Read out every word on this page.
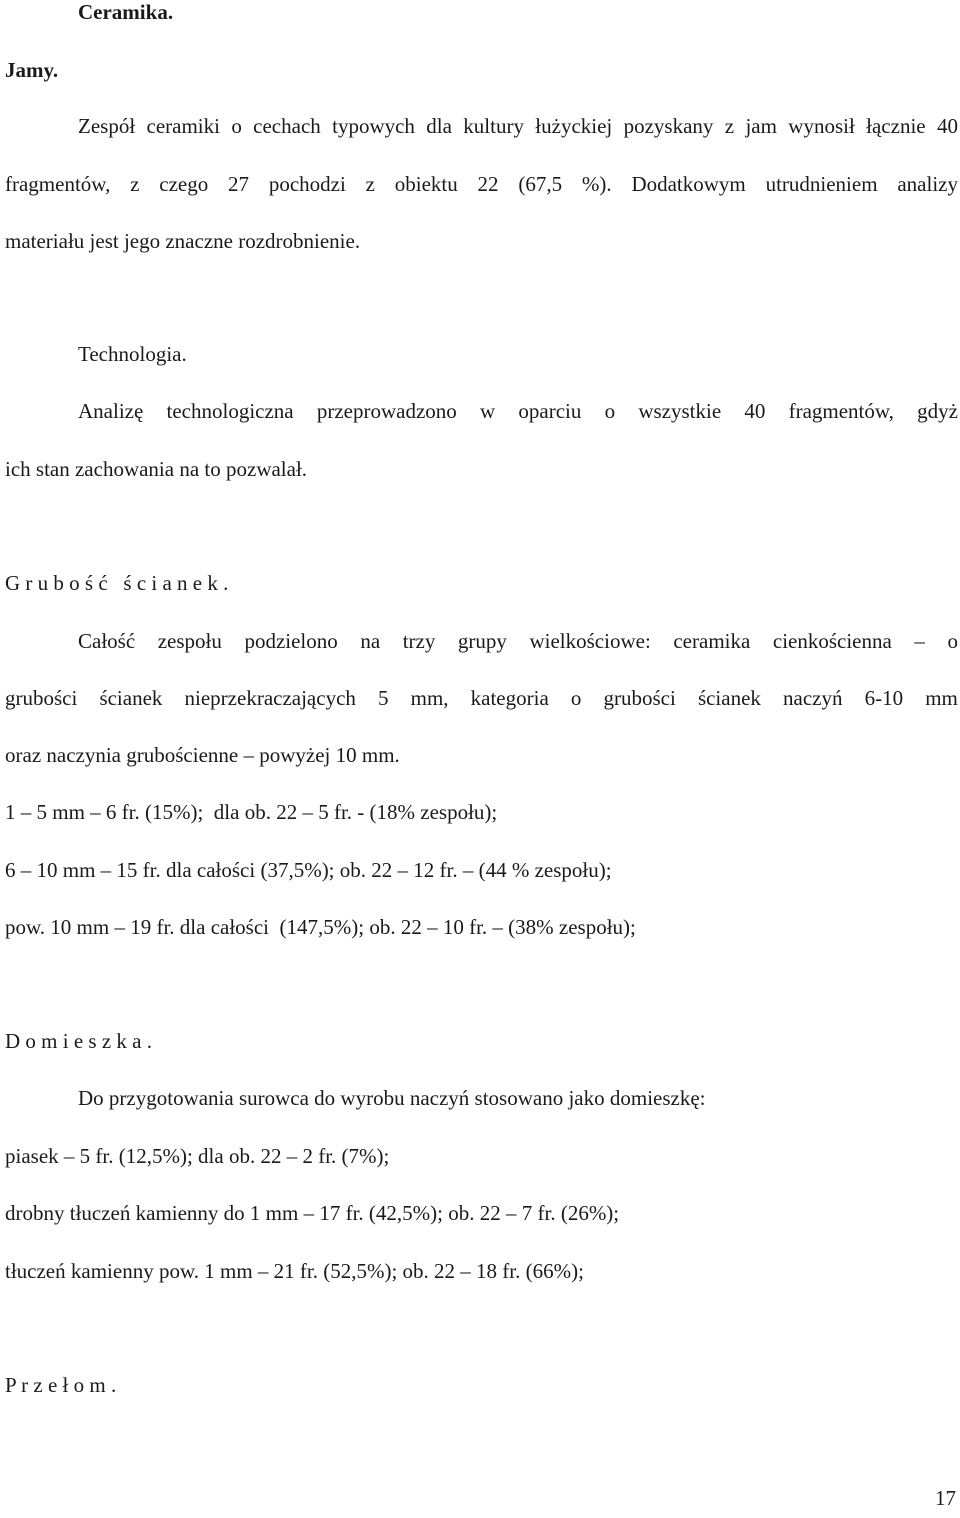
Ceramika.
Jamy.
Zespół ceramiki o cechach typowych dla kultury łużyckiej pozyskany z jam wynosił łącznie 40
fragmentów, z czego 27 pochodzi z obiektu 22 (67,5 %). Dodatkowym utrudnieniem analizy
materiału jest jego znaczne rozdrobnienie.
Technologia.
Analizę technologiczna przeprowadzono w oparciu o wszystkie 40 fragmentów, gdyż
ich stan zachowania na to pozwalał.
G r u b o ś ć   ś c i a n e k .
Całość zespołu podzielono na trzy grupy wielkościowe: ceramika cienkościenna – o
grubości ścianek nieprzekraczających 5 mm, kategoria o grubości ścianek naczyń 6-10 mm
oraz naczynia grubościenne – powyżej 10 mm.
1 – 5 mm – 6 fr. (15%);  dla ob. 22 – 5 fr. - (18% zespołu);
6 – 10 mm – 15 fr. dla całości (37,5%); ob. 22 – 12 fr. – (44 % zespołu);
pow. 10 mm – 19 fr. dla całości  (147,5%); ob. 22 – 10 fr. – (38% zespołu);
D o m i e s z k a .
Do przygotowania surowca do wyrobu naczyń stosowano jako domieszkę:
piasek – 5 fr. (12,5%); dla ob. 22 – 2 fr. (7%);
drobny tłuczeń kamienny do 1 mm – 17 fr. (42,5%); ob. 22 – 7 fr. (26%);
tłuczeń kamienny pow. 1 mm – 21 fr. (52,5%); ob. 22 – 18 fr. (66%);
P r z e ł o m .
17
